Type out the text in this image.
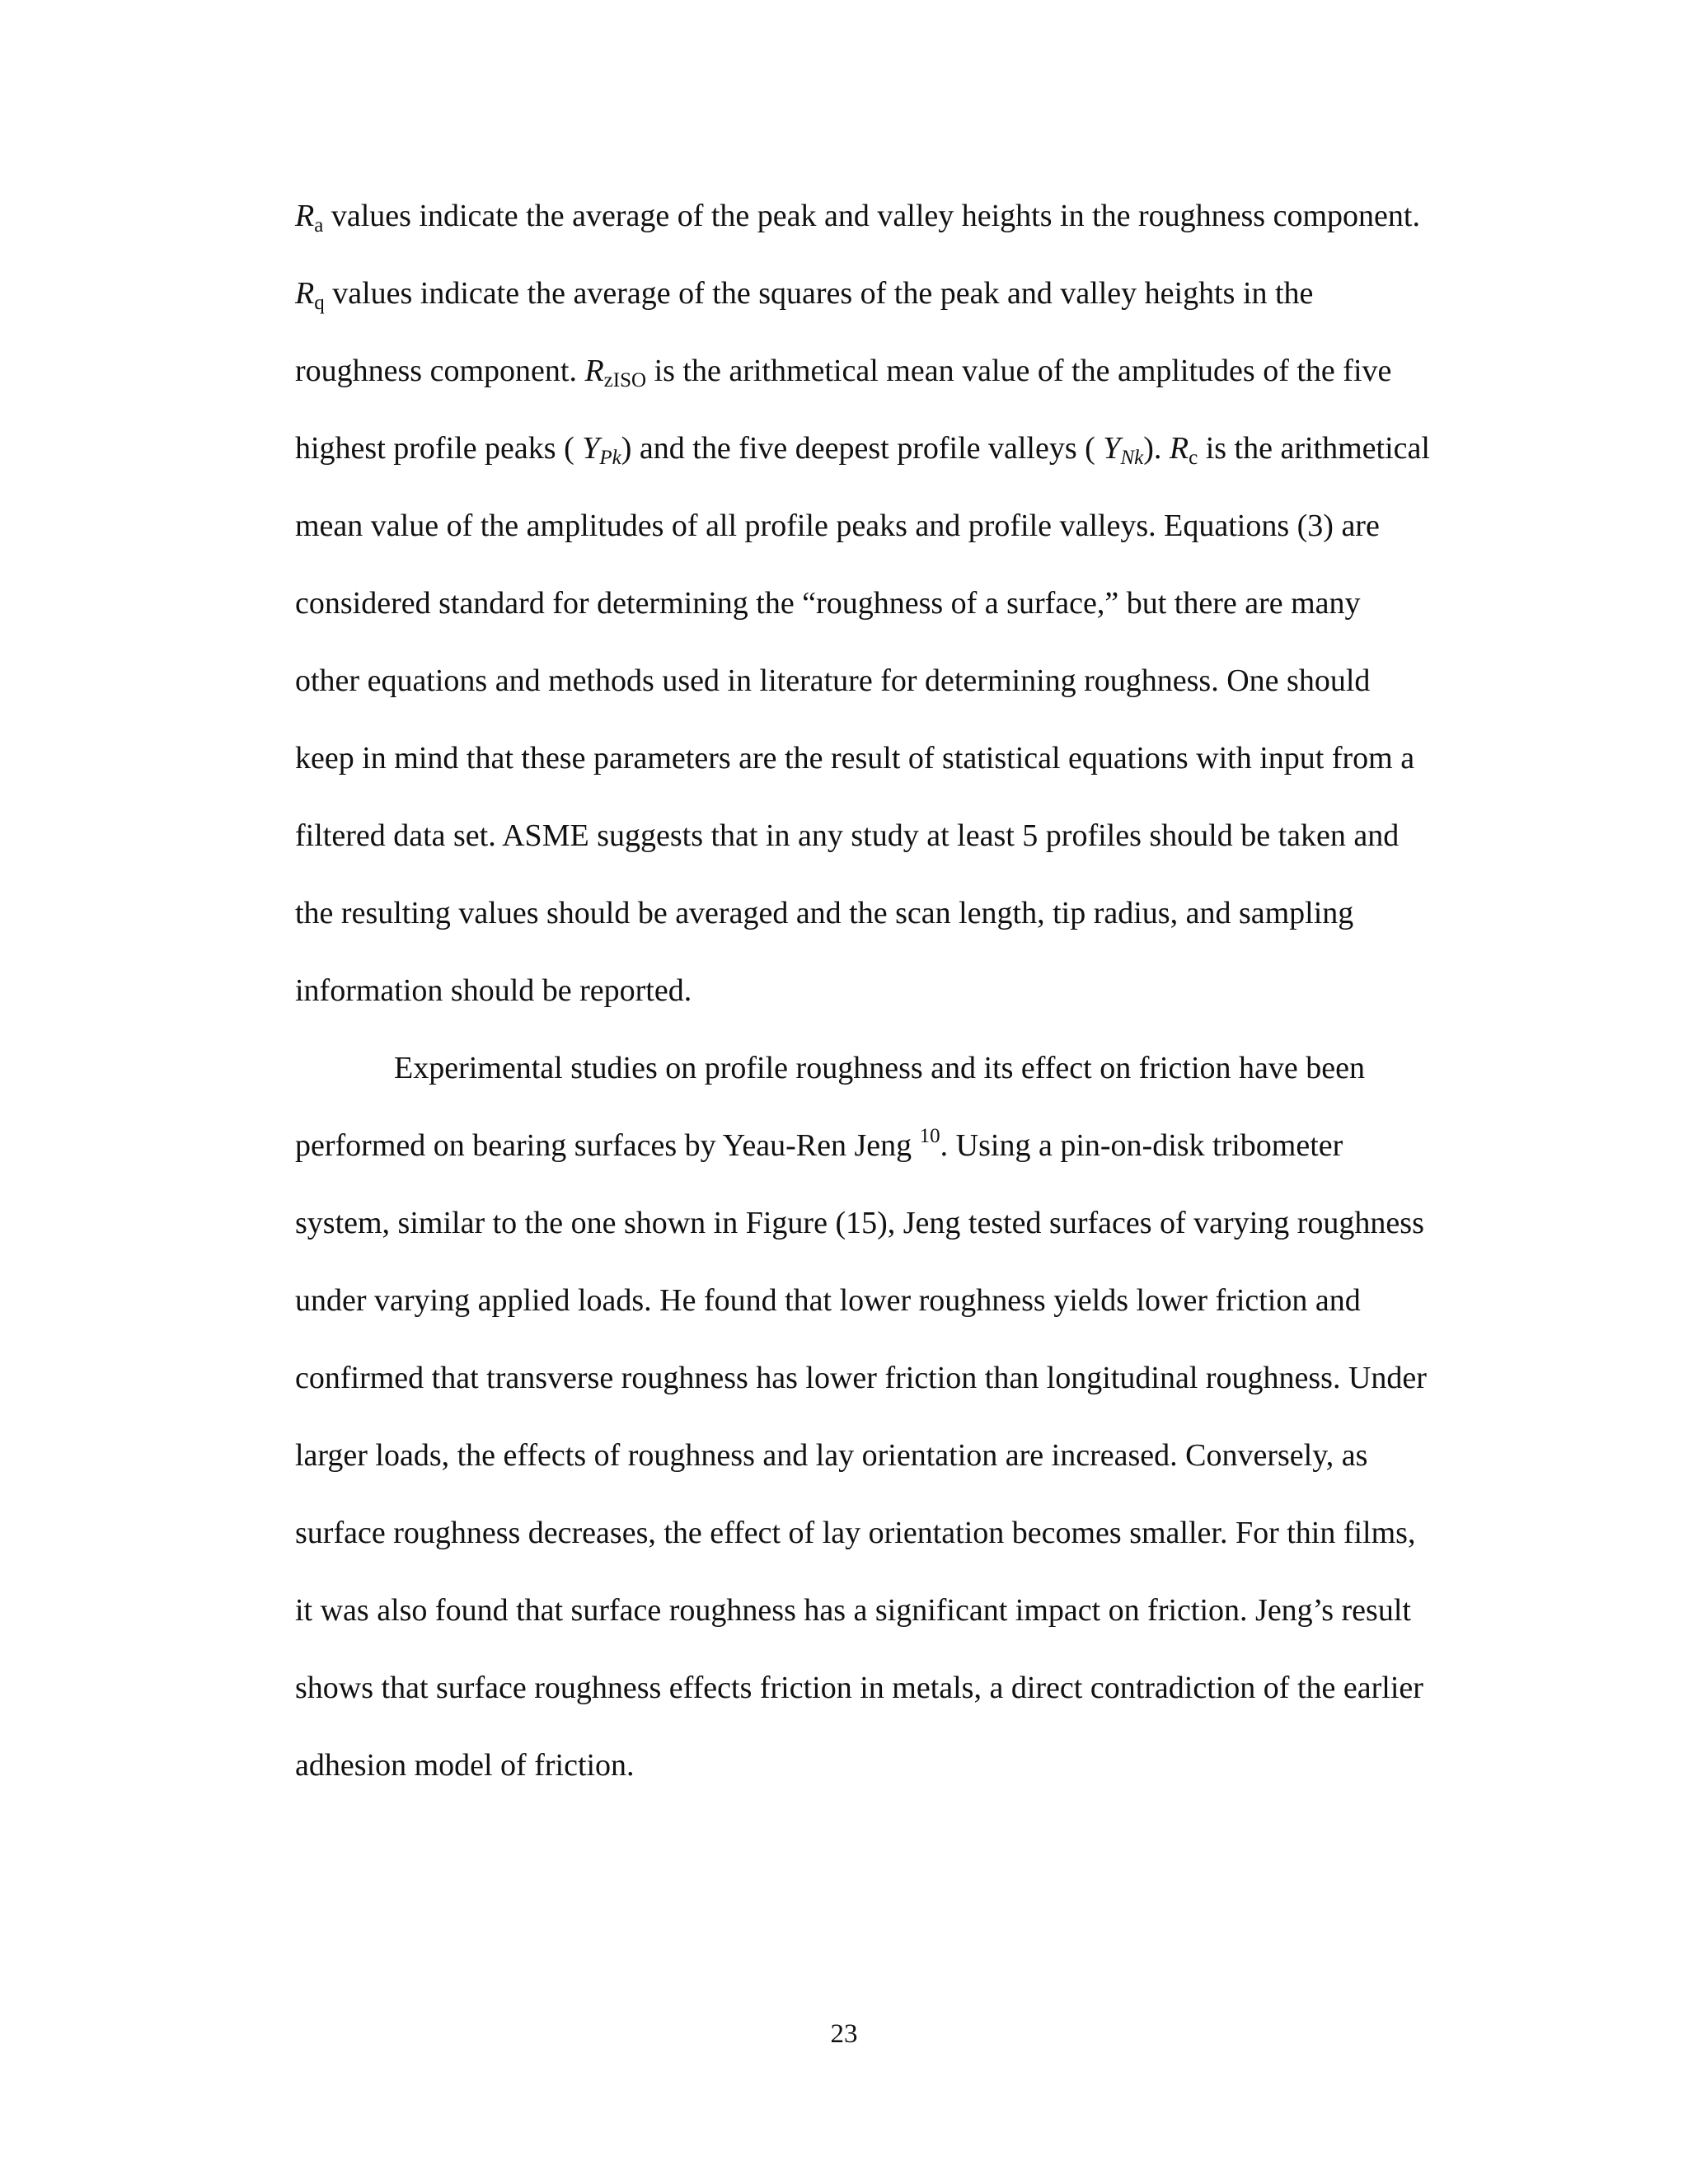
$R_a$ values indicate the average of the peak and valley heights in the roughness component.
$R_q$ values indicate the average of the squares of the peak and valley heights in the
roughness component. $R_{zISO}$ is the arithmetical mean value of the amplitudes of the five
highest profile peaks ( $Y_{Pk}$) and the five deepest profile valleys ( $Y_{Nk}$). $R_c$ is the arithmetical
mean value of the amplitudes of all profile peaks and profile valleys. Equations (3) are
considered standard for determining the “roughness of a surface,” but there are many
other equations and methods used in literature for determining roughness. One should
keep in mind that these parameters are the result of statistical equations with input from a
filtered data set. ASME suggests that in any study at least 5 profiles should be taken and
the resulting values should be averaged and the scan length, tip radius, and sampling
information should be reported.
Experimental studies on profile roughness and its effect on friction have been
performed on bearing surfaces by Yeau-Ren Jeng $^{10}$. Using a pin-on-disk tribometer
system, similar to the one shown in Figure (15), Jeng tested surfaces of varying roughness
under varying applied loads. He found that lower roughness yields lower friction and
confirmed that transverse roughness has lower friction than longitudinal roughness. Under
larger loads, the effects of roughness and lay orientation are increased. Conversely, as
surface roughness decreases, the effect of lay orientation becomes smaller. For thin films,
it was also found that surface roughness has a significant impact on friction. Jeng’s result
shows that surface roughness effects friction in metals, a direct contradiction of the earlier
adhesion model of friction.
23
